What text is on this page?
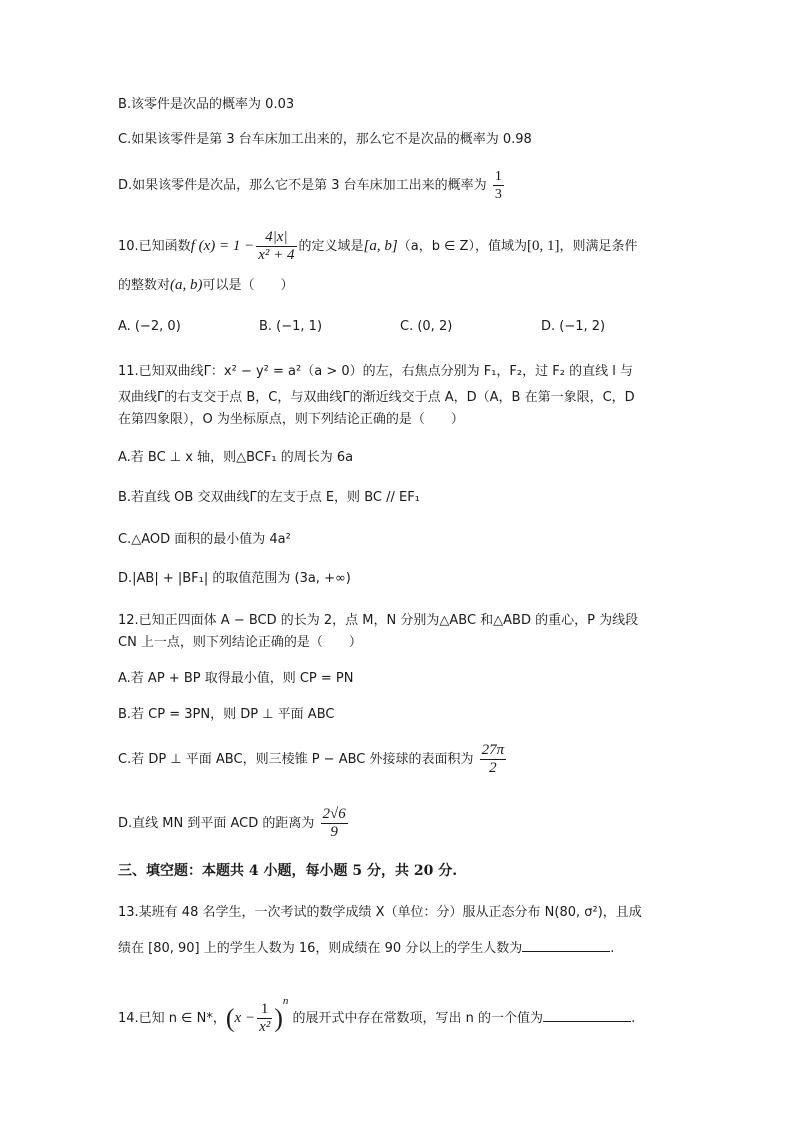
B.该零件是次品的概率为 0.03
C.如果该零件是第 3 台车床加工出来的，那么它不是次品的概率为 0.98
D.如果该零件是次品，那么它不是第 3 台车床加工出来的概率为 $\frac{1}{3}$
10.已知函数f $(x) = 1 - \frac{4|x|}{\text{x² + 4}}$ 的定义域是[a, b]（a，b ∈ Z），值域为[0, 1]，则满足条件
的整数对(a, b)可以是（　　）
A. (−2, 0)	B. (−1, 1)	C. (0, 2)	D. (−1, 2)
11.已知双曲线Γ：x² − y² = a²（a > 0）的左，右焦点分别为 F₁，F₂，过 F₂ 的直线 l 与
双曲线Γ的右支交于点 B，C，与双曲线Γ的渐近线交于点 A，D（A，B 在第一象限，C，D
在第四象限），O 为坐标原点，则下列结论正确的是（　　）
A.若 BC ⊥ x 轴，则△BCF₁ 的周长为 6a
B.若直线 OB 交双曲线Γ的左支于点 E，则 BC // EF₁
C.△AOD 面积的最小值为 4a²
D.|AB| + |BF₁| 的取值范围为 (3a, +∞)
12.已知正四面体 A − BCD 的长为 2，点 M，N 分别为△ABC 和△ABD 的重心，P 为线段
CN 上一点，则下列结论正确的是（　　）
A.若 AP + BP 取得最小值，则 CP = PN
B.若 CP = 3PN，则 DP ⊥ 平面 ABC
C.若 DP ⊥ 平面 ABC，则三棱锥 P − ABC 外接球的表面积为 $\frac{27\pi}{2}$
D.直线 MN 到平面 ACD 的距离为 $\frac{2√6}{9}$
三、填空题：本题共 4 小题，每小题 5 分，共 20 分.
13.某班有 48 名学生，一次考试的数学成绩 X（单位：分）服从正态分布 N(80, σ²)，且成
绩在 [80, 90] 上的学生人数为 16，则成绩在 90 分以上的学生人数为	.
14.已知 n ∈ N*，$(x - \frac{1}{\text{x²}} )^n$ 的展开式中存在常数项，写出 n 的一个值为	.
